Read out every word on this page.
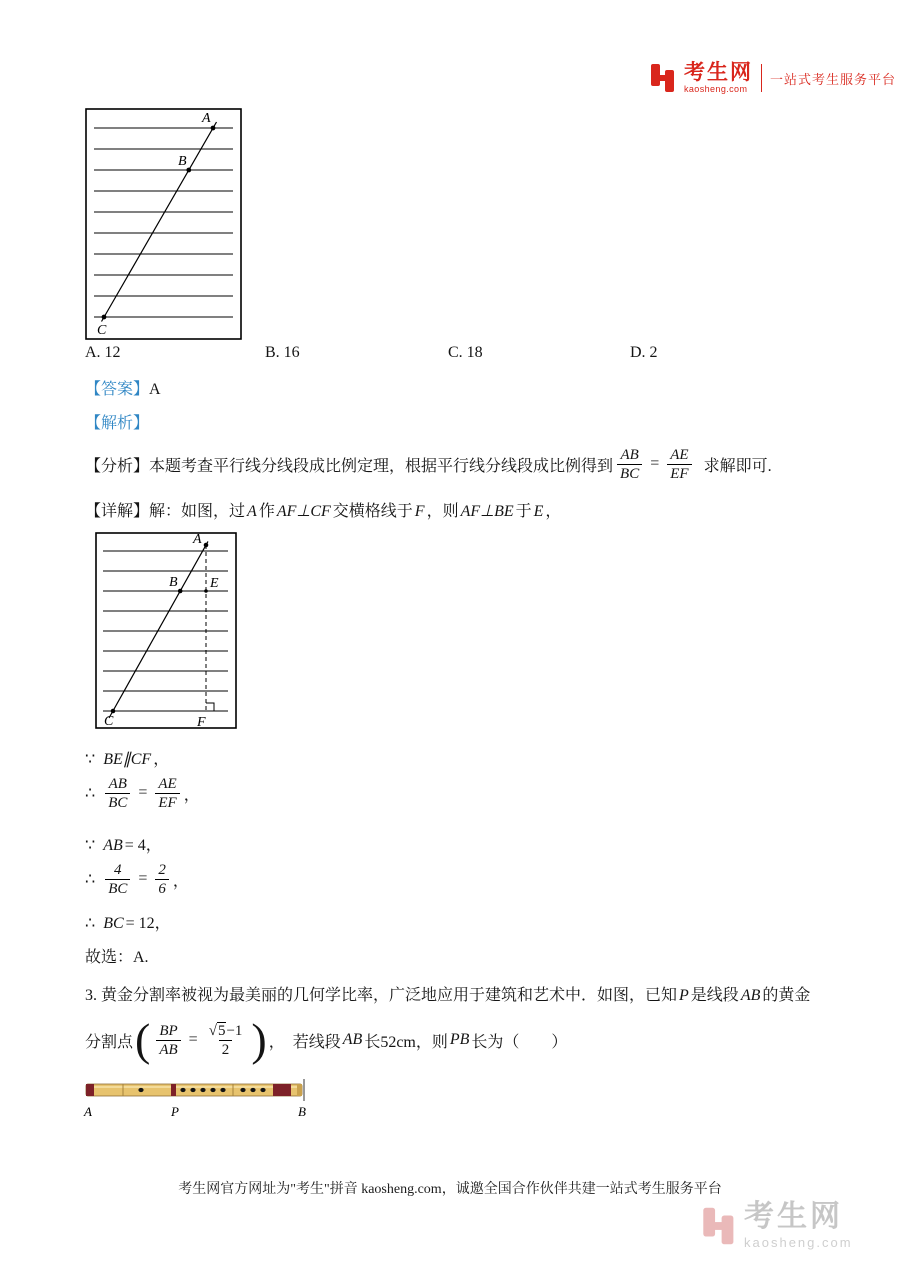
考生网
kaosheng.com
一站式考生服务平台
A
B
C
A. 12	B. 16	C. 18	D. 2
【答案】A
【解析】
【分析】 本题考查平行线分线段成比例定理，根据平行线分线段成比例得到 $\frac{AB}{BC} = \frac{AE}{EF}$ 求解即可.
【详解】解：如图，过 A 作 AF⊥CF 交横格线于 F ，则 AF⊥BE 于 E ，
A
B E
C	F
∵ BE∥CF ，
∴ $\frac{AB}{BC} = \frac{AE}{EF}$ ，
∵ AB = 4，
∴ $\frac{4}{BC} = \frac{2}{6}$ ，
∴ BC = 12，
故选：A.
3. 黄金分割率被视为最美丽的几何学比率，广泛地应用于建筑和艺术中．如图，已知 P 是线段 AB 的黄金
分割点 ( $\frac{BP}{AB} = \frac{√5-1}{2}$ ) ， 若线段 AB 长52cm，则 PB 长为（　　）
A	P	B
考生网官方网址为"考生"拼音 kaosheng.com，诚邀全国合作伙伴共建一站式考生服务平台
考生网
kaosheng.com
